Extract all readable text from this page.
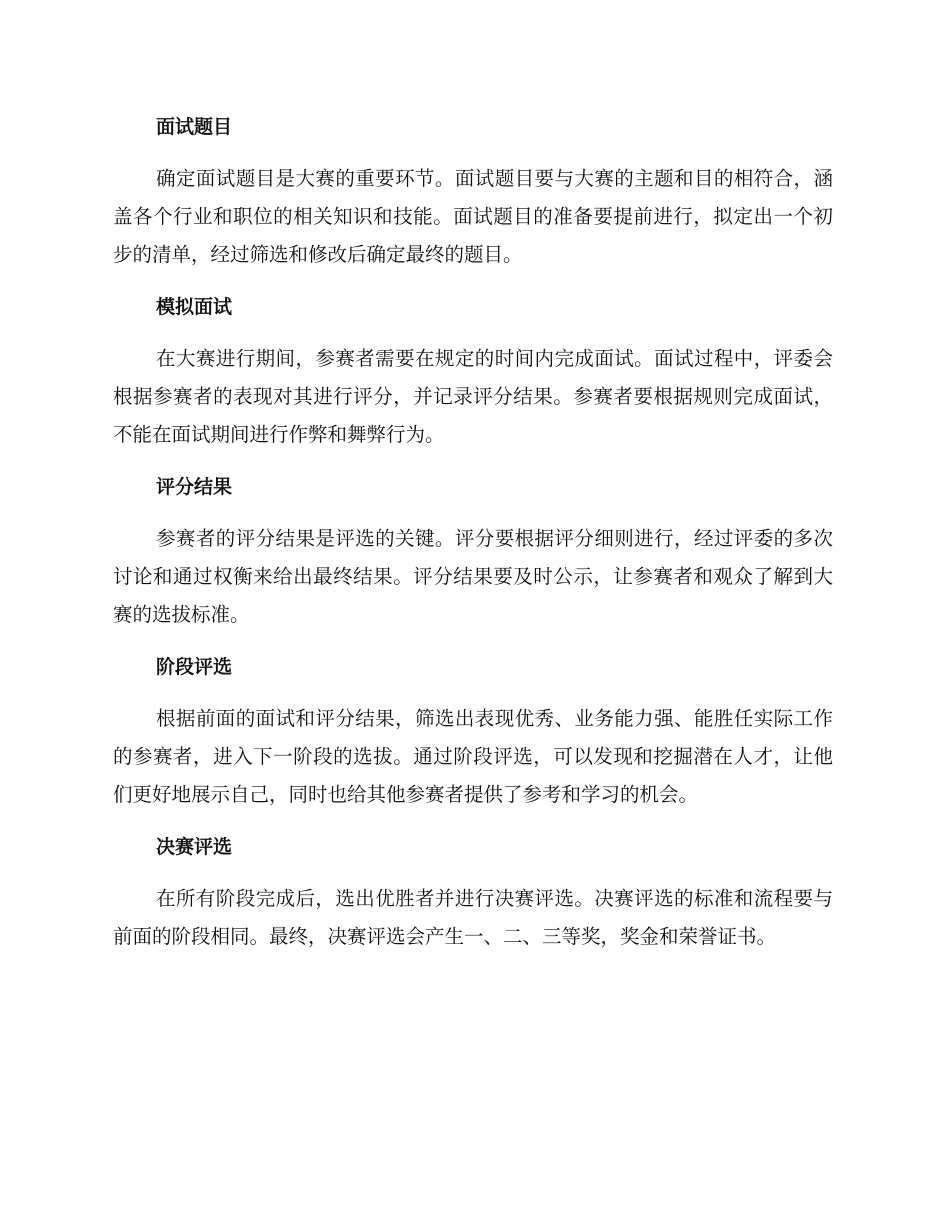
面试题目

确定面试题目是大赛的重要环节。面试题目要与大赛的主题和目的相符合，涵盖各个行业和职位的相关知识和技能。面试题目的准备要提前进行，拟定出一个初步的清单，经过筛选和修改后确定最终的题目。

模拟面试

在大赛进行期间，参赛者需要在规定的时间内完成面试。面试过程中，评委会根据参赛者的表现对其进行评分，并记录评分结果。参赛者要根据规则完成面试，不能在面试期间进行作弊和舞弊行为。

评分结果

参赛者的评分结果是评选的关键。评分要根据评分细则进行，经过评委的多次讨论和通过权衡来给出最终结果。评分结果要及时公示，让参赛者和观众了解到大赛的选拔标准。

阶段评选

根据前面的面试和评分结果，筛选出表现优秀、业务能力强、能胜任实际工作的参赛者，进入下一阶段的选拔。通过阶段评选，可以发现和挖掘潜在人才，让他们更好地展示自己，同时也给其他参赛者提供了参考和学习的机会。

决赛评选

在所有阶段完成后，选出优胜者并进行决赛评选。决赛评选的标准和流程要与前面的阶段相同。最终，决赛评选会产生一、二、三等奖，奖金和荣誉证书。
